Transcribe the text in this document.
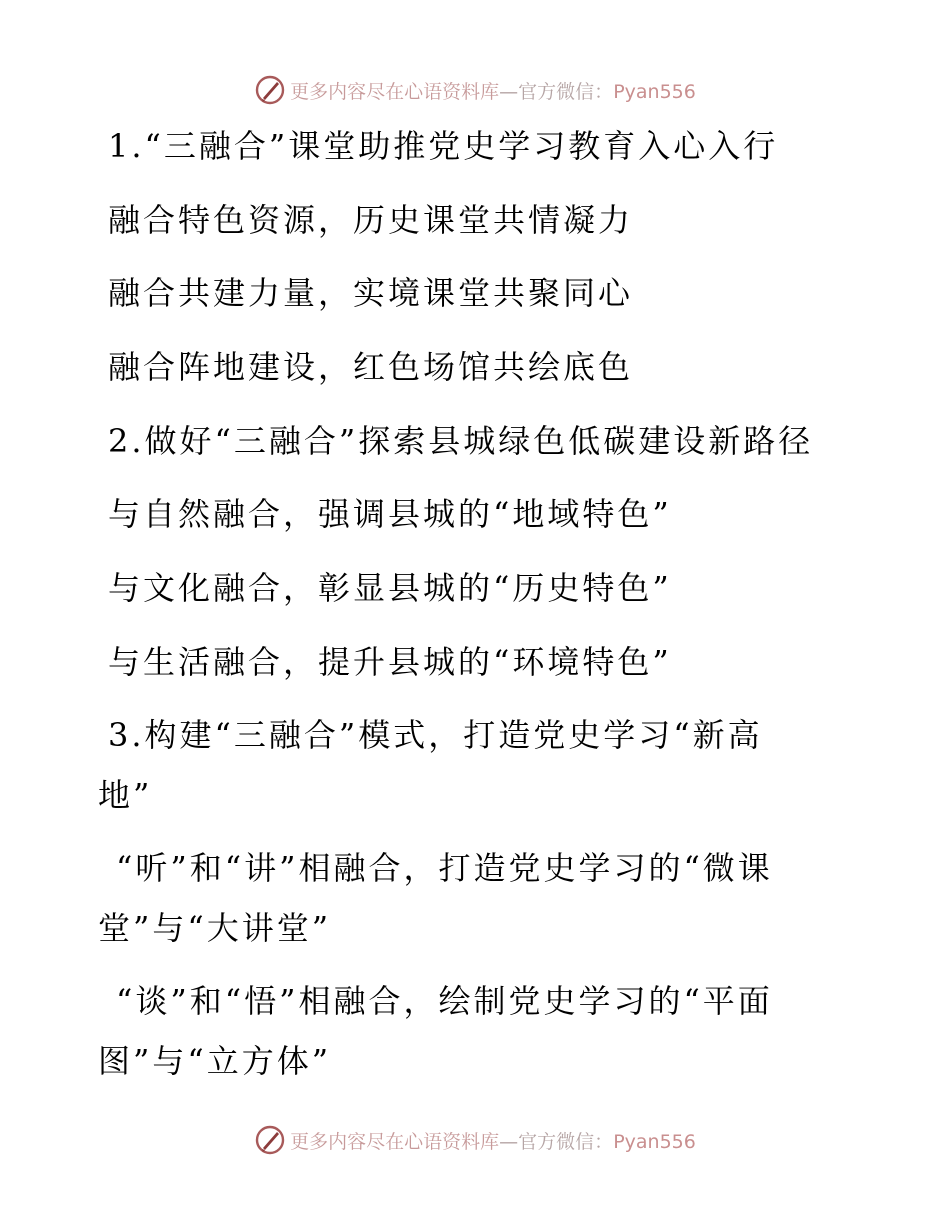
更多内容尽在心语资料库—官方微信：Pyan556
1.“三融合”课堂助推党史学习教育入心入行
融合特色资源，历史课堂共情凝力
融合共建力量，实境课堂共聚同心
融合阵地建设，红色场馆共绘底色
2.做好“三融合”探索县城绿色低碳建设新路径
与自然融合，强调县城的“地域特色”
与文化融合，彰显县城的“历史特色”
与生活融合，提升县城的“环境特色”
3.构建“三融合”模式，打造党史学习“新高
地”
“听”和“讲”相融合，打造党史学习的“微课
堂”与“大讲堂”
“谈”和“悟”相融合，绘制党史学习的“平面
图”与“立方体”
更多内容尽在心语资料库—官方微信：Pyan556
